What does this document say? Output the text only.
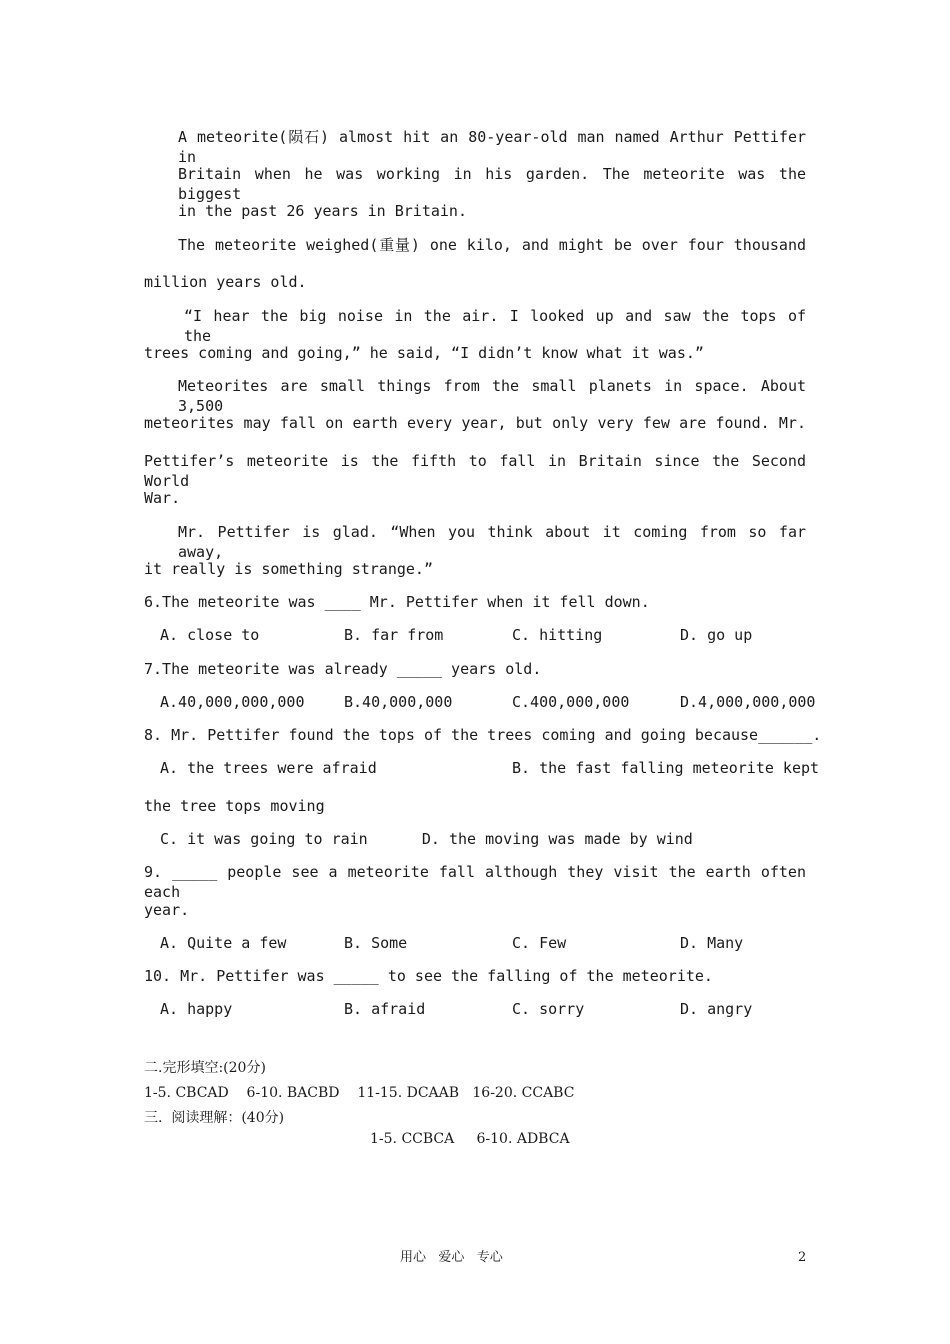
A meteorite(陨石) almost hit an 80-year-old man named Arthur Pettifer in
Britain when he was working in his garden. The meteorite was the biggest
in the past 26 years in Britain.
The meteorite weighed(重量) one kilo, and might be over four thousand
million years old.
“I hear the big noise in the air. I looked up and saw the tops of the
trees coming and going,” he said, “I didn’t know what it was.”
Meteorites are small things from the small planets in space. About 3,500
meteorites may fall on earth every year, but only very few are found. Mr.
Pettifer’s meteorite is the fifth to fall in Britain since the Second World
War.
Mr. Pettifer is glad. “When you think about it coming from so far away,
it really is something strange.”
6.The meteorite was ____ Mr. Pettifer when it fell down.
A. close to	B. far from	C. hitting	D. go up
7.The meteorite was already _____ years old.
A.40,000,000,000	B.40,000,000	C.400,000,000	D.4,000,000,000
8. Mr. Pettifer found the tops of the trees coming and going because______.
A. the trees were afraid	B. the fast falling meteorite kept
the tree tops moving
C. it was going to rain      D. the moving was made by wind
9. _____ people see a meteorite fall although they visit the earth often each
year.
A. Quite a few	B. Some	C. Few	D. Many
10. Mr. Pettifer was _____ to see the falling of the meteorite.
A. happy	B. afraid	C. sorry	D. angry
二.完形填空:(20分)
1-5. CBCAD    6-10. BACBD    11-15. DCAAB   16-20. CCABC
三.  阅读理解：(40分)
1-5. CCBCA     6-10. ADBCA
用心   爱心   专心	2
